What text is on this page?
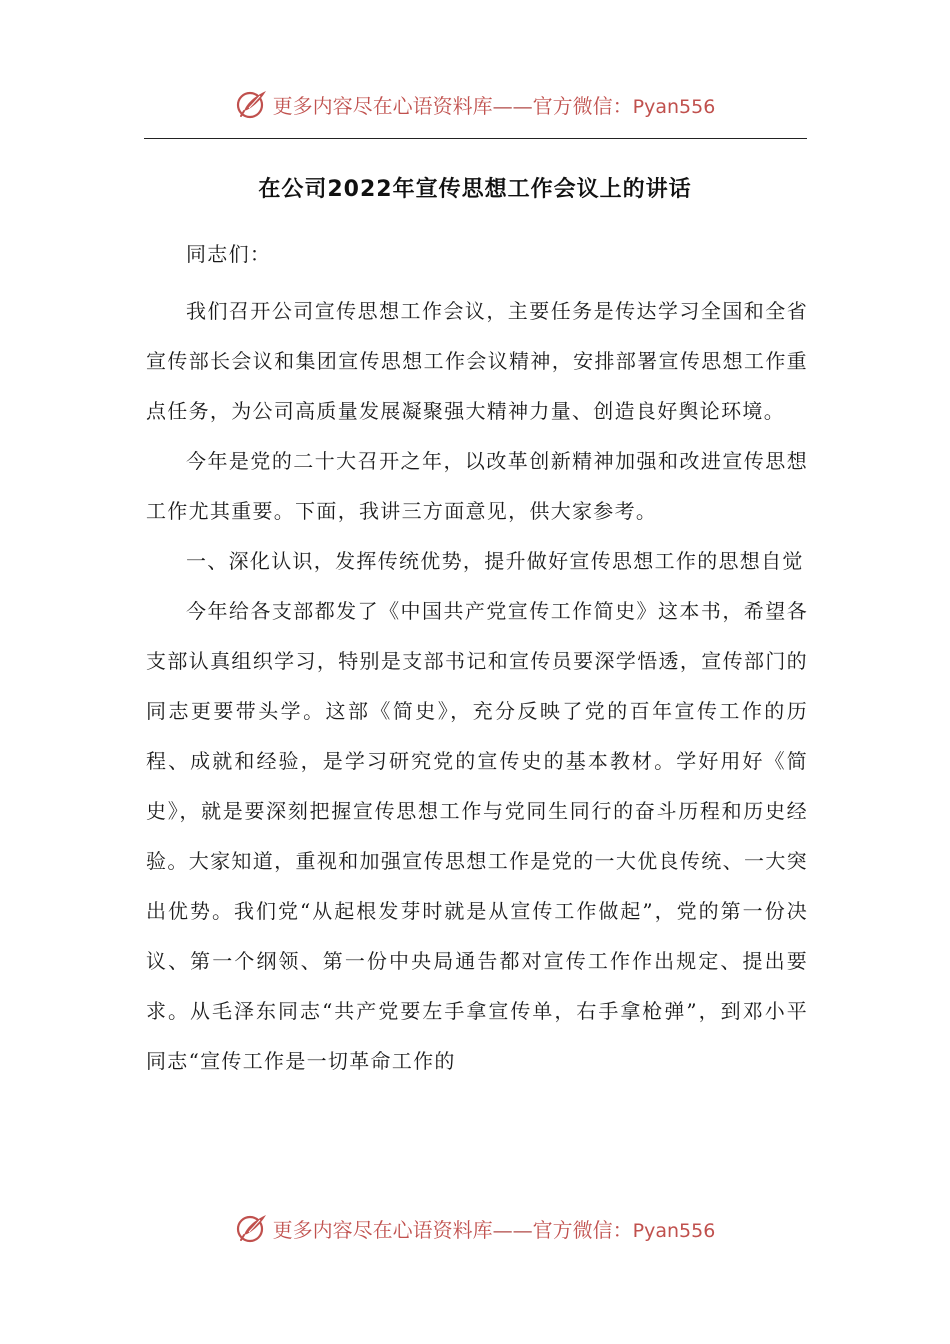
更多内容尽在心语资料库——官方微信：Pyan556
在公司2022年宣传思想工作会议上的讲话

同志们：

我们召开公司宣传思想工作会议，主要任务是传达学习全国和全省宣传部长会议和集团宣传思想工作会议精神，安排部署宣传思想工作重点任务，为公司高质量发展凝聚强大精神力量、创造良好舆论环境。

今年是党的二十大召开之年，以改革创新精神加强和改进宣传思想工作尤其重要。下面，我讲三方面意见，供大家参考。

一、深化认识，发挥传统优势，提升做好宣传思想工作的思想自觉

今年给各支部都发了《中国共产党宣传工作简史》这本书，希望各支部认真组织学习，特别是支部书记和宣传员要深学悟透，宣传部门的同志更要带头学。这部《简史》，充分反映了党的百年宣传工作的历程、成就和经验，是学习研究党的宣传史的基本教材。学好用好《简史》，就是要深刻把握宣传思想工作与党同生同行的奋斗历程和历史经验。大家知道，重视和加强宣传思想工作是党的一大优良传统、一大突出优势。我们党“从起根发芽时就是从宣传工作做起”，党的第一份决议、第一个纲领、第一份中央局通告都对宣传工作作出规定、提出要求。从毛泽东同志“共产党要左手拿宣传单，右手拿枪弹”，到邓小平同志“宣传工作是一切革命工作的

更多内容尽在心语资料库——官方微信：Pyan556
